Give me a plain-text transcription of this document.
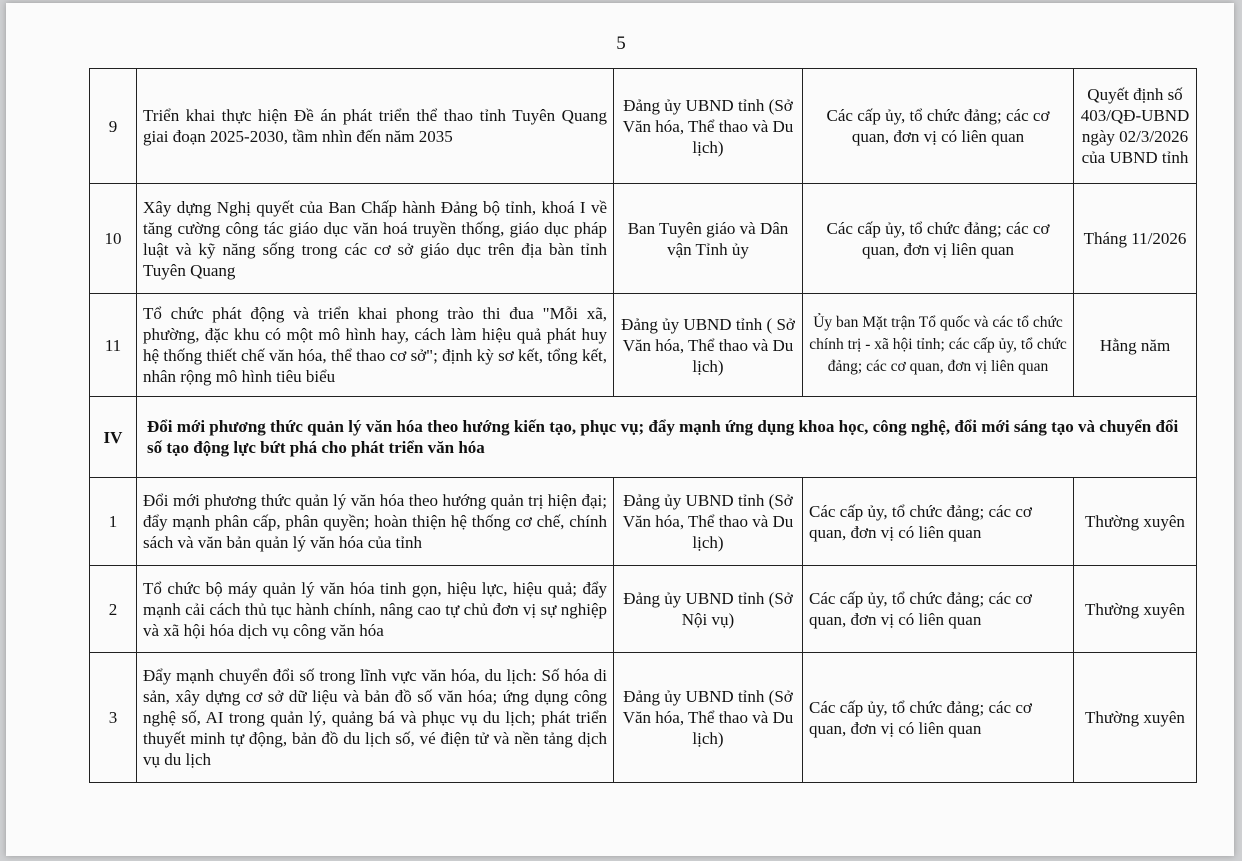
5
9	Triển khai thực hiện Đề án phát triển thể thao tỉnh Tuyên Quang giai đoạn 2025-2030, tầm nhìn đến năm 2035	Đảng ủy UBND tỉnh (Sở Văn hóa, Thể thao và Du lịch)	Các cấp ủy, tổ chức đảng; các cơ quan, đơn vị có liên quan	Quyết định số 403/QĐ-UBND ngày 02/3/2026 của UBND tỉnh
10	Xây dựng Nghị quyết của Ban Chấp hành Đảng bộ tỉnh, khoá I về tăng cường công tác giáo dục văn hoá truyền thống, giáo dục pháp luật và kỹ năng sống trong các cơ sở giáo dục trên địa bàn tỉnh Tuyên Quang	Ban Tuyên giáo và Dân vận Tỉnh ủy	Các cấp ủy, tổ chức đảng; các cơ quan, đơn vị liên quan	Tháng 11/2026
11	Tổ chức phát động và triển khai phong trào thi đua "Mỗi xã, phường, đặc khu có một mô hình hay, cách làm hiệu quả phát huy hệ thống thiết chế văn hóa, thể thao cơ sở"; định kỳ sơ kết, tổng kết, nhân rộng mô hình tiêu biểu	Đảng ủy UBND tỉnh ( Sở Văn hóa, Thể thao và Du lịch)	Ủy ban Mặt trận Tổ quốc và các tổ chức chính trị - xã hội tỉnh; các cấp ủy, tổ chức đảng; các cơ quan, đơn vị liên quan	Hằng năm
IV	Đổi mới phương thức quản lý văn hóa theo hướng kiến tạo, phục vụ; đẩy mạnh ứng dụng khoa học, công nghệ, đổi mới sáng tạo và chuyển đổi số tạo động lực bứt phá cho phát triển văn hóa			
1	Đổi mới phương thức quản lý văn hóa theo hướng quản trị hiện đại; đẩy mạnh phân cấp, phân quyền; hoàn thiện hệ thống cơ chế, chính sách và văn bản quản lý văn hóa của tỉnh	Đảng ủy UBND tỉnh (Sở Văn hóa, Thể thao và Du lịch)	Các cấp ủy, tổ chức đảng; các cơ quan, đơn vị có liên quan	Thường xuyên
2	Tổ chức bộ máy quản lý văn hóa tinh gọn, hiệu lực, hiệu quả; đẩy mạnh cải cách thủ tục hành chính, nâng cao tự chủ đơn vị sự nghiệp và xã hội hóa dịch vụ công văn hóa	Đảng ủy UBND tỉnh (Sở Nội vụ)	Các cấp ủy, tổ chức đảng; các cơ quan, đơn vị có liên quan	Thường xuyên
3	Đẩy mạnh chuyển đổi số trong lĩnh vực văn hóa, du lịch: Số hóa di sản, xây dựng cơ sở dữ liệu và bản đồ số văn hóa; ứng dụng công nghệ số, AI trong quản lý, quảng bá và phục vụ du lịch; phát triển thuyết minh tự động, bản đồ du lịch số, vé điện tử và nền tảng dịch vụ du lịch	Đảng ủy UBND tỉnh (Sở Văn hóa, Thể thao và Du lịch)	Các cấp ủy, tổ chức đảng; các cơ quan, đơn vị có liên quan	Thường xuyên
